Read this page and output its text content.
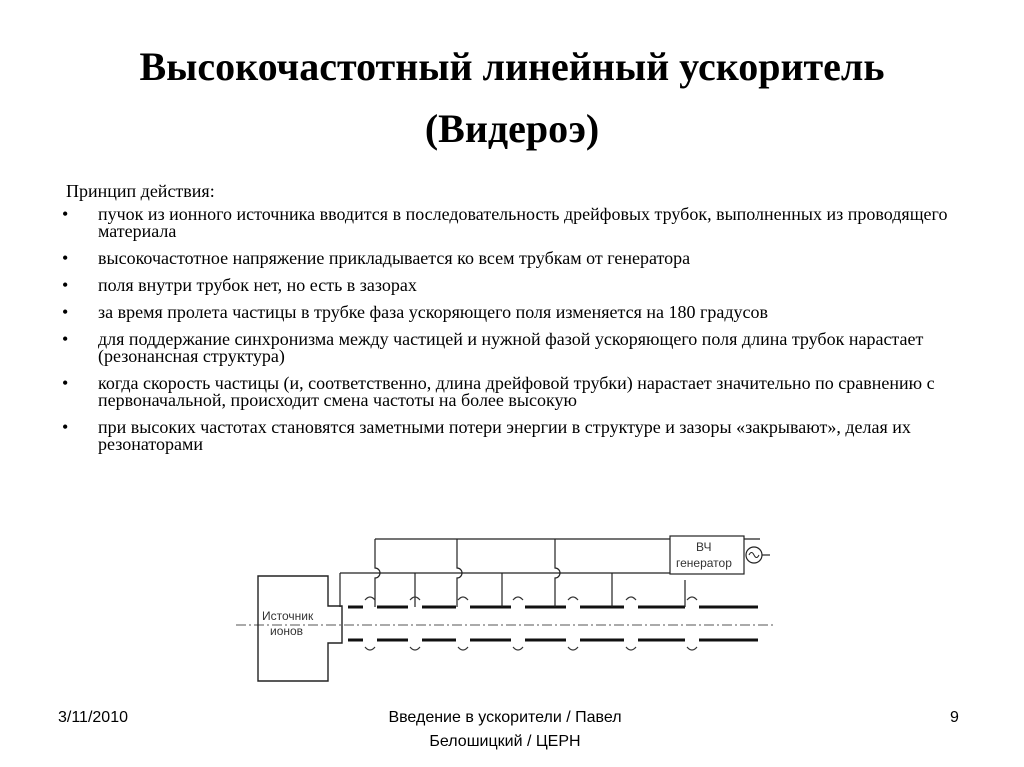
Высокочастотный линейный ускоритель
(Видероэ)
Принцип действия:
• пучок из ионного источника вводится в последовательность дрейфовых трубок, выполненных из проводящего материала
• высокочастотное напряжение прикладывается ко всем трубкам от генератора
• поля внутри трубок нет, но есть в зазорах
• за время пролета частицы в трубке фаза ускоряющего поля изменяется на 180 градусов
• для поддержание синхронизма между частицей и нужной фазой ускоряющего поля длина трубок нарастает (резонансная структура)
• когда скорость частицы (и, соответственно, длина дрейфовой трубки) нарастает значительно по сравнению с первоначальной, происходит смена частоты на более высокую
• при высоких частотах становятся заметными потери энергии в структуре и зазоры «закрывают», делая их резонаторами
Источник
ионов
ВЧ
генератор
3/11/2010	Введение в ускорители / Павел
Белошицкий / ЦЕРН
9
